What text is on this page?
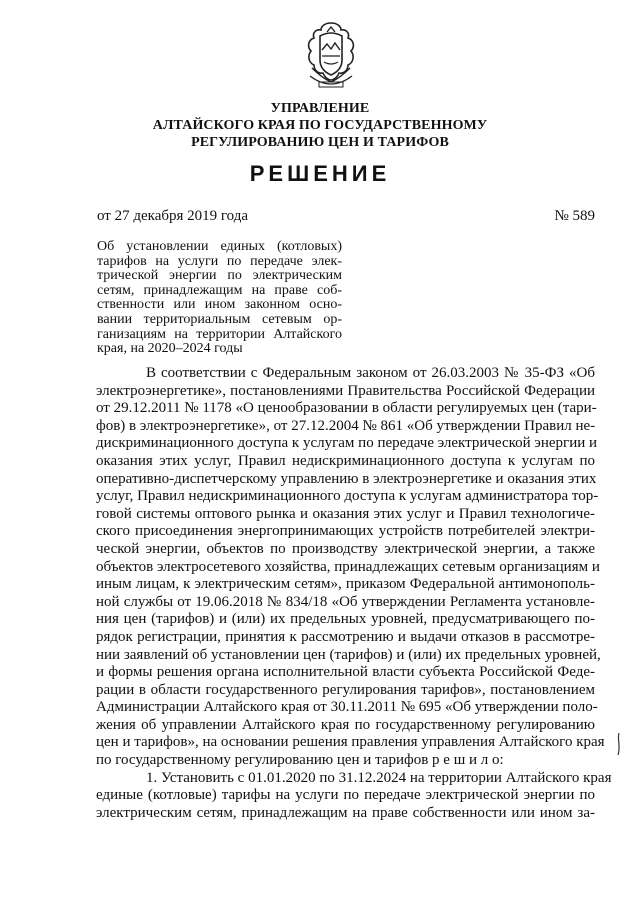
УПРАВЛЕНИЕ
АЛТАЙСКОГО КРАЯ ПО ГОСУДАРСТВЕННОМУ
РЕГУЛИРОВАНИЮ ЦЕН И ТАРИФОВ
РЕШЕНИЕ
от 27 декабря 2019 года	№ 589
Об установлении единых (котловых)
тарифов на услуги по передаче элек-
трической энергии по электрическим
сетям, принадлежащим на праве соб-
ственности или ином законном осно-
вании территориальным сетевым ор-
ганизациям на территории Алтайского
края, на 2020–2024 годы
В соответствии с Федеральным законом от 26.03.2003 № 35-ФЗ «Об
электроэнергетике», постановлениями Правительства Российской Федерации
от 29.12.2011 № 1178 «О ценообразовании в области регулируемых цен (тари-
фов) в электроэнергетике», от 27.12.2004 № 861 «Об утверждении Правил не-
дискриминационного доступа к услугам по передаче электрической энергии и
оказания этих услуг, Правил недискриминационного доступа к услугам по
оперативно-диспетчерскому управлению в электроэнергетике и оказания этих
услуг, Правил недискриминационного доступа к услугам администратора тор-
говой системы оптового рынка и оказания этих услуг и Правил технологиче-
ского присоединения энергопринимающих устройств потребителей электри-
ческой энергии, объектов по производству электрической энергии, а также
объектов электросетевого хозяйства, принадлежащих сетевым организациям и
иным лицам, к электрическим сетям», приказом Федеральной антимонополь-
ной службы от 19.06.2018 № 834/18 «Об утверждении Регламента установле-
ния цен (тарифов) и (или) их предельных уровней, предусматривающего по-
рядок регистрации, принятия к рассмотрению и выдачи отказов в рассмотре-
нии заявлений об установлении цен (тарифов) и (или) их предельных уровней,
и формы решения органа исполнительной власти субъекта Российской Феде-
рации в области государственного регулирования тарифов», постановлением
Администрации Алтайского края от 30.11.2011 № 695 «Об утверждении поло-
жения об управлении Алтайского края по государственному регулированию
цен и тарифов», на основании решения правления управления Алтайского края
по государственному регулированию цен и тарифов р е ш и л о:
1. Установить с 01.01.2020 по 31.12.2024 на территории Алтайского края
единые (котловые) тарифы на услуги по передаче электрической энергии по
электрическим сетям, принадлежащим на праве собственности или ином за-
